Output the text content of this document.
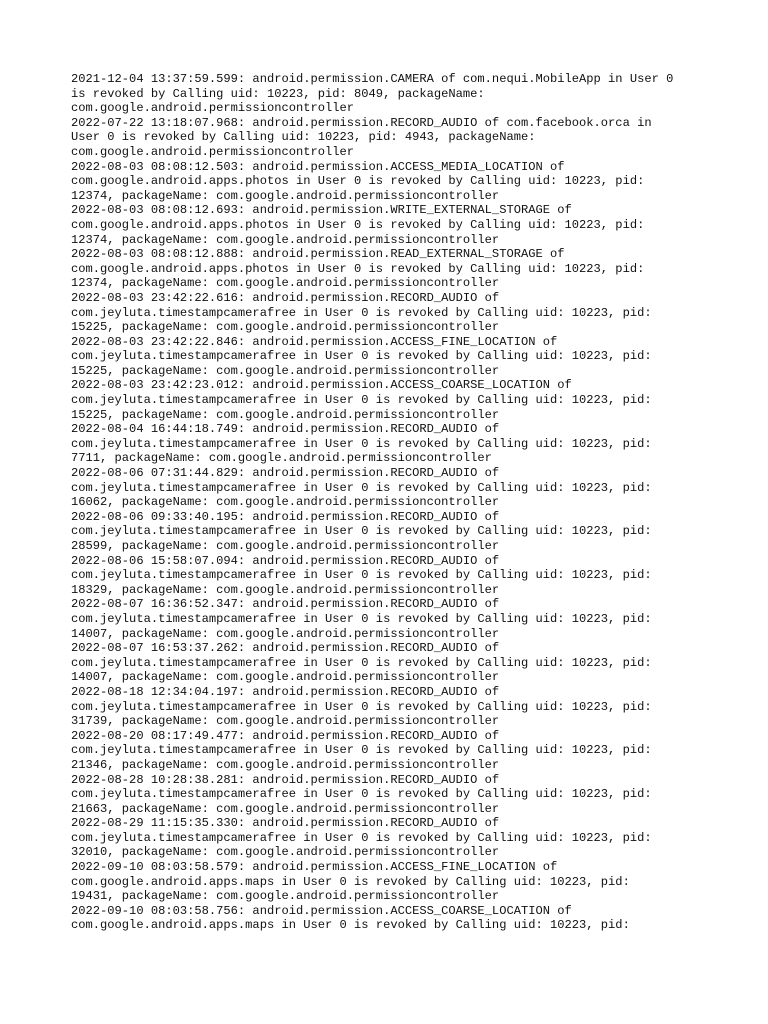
2021-12-04 13:37:59.599: android.permission.CAMERA of com.nequi.MobileApp in User 0
is revoked by Calling uid: 10223, pid: 8049, packageName:
com.google.android.permissioncontroller
2022-07-22 13:18:07.968: android.permission.RECORD_AUDIO of com.facebook.orca in
User 0 is revoked by Calling uid: 10223, pid: 4943, packageName:
com.google.android.permissioncontroller
2022-08-03 08:08:12.503: android.permission.ACCESS_MEDIA_LOCATION of
com.google.android.apps.photos in User 0 is revoked by Calling uid: 10223, pid:
12374, packageName: com.google.android.permissioncontroller
2022-08-03 08:08:12.693: android.permission.WRITE_EXTERNAL_STORAGE of
com.google.android.apps.photos in User 0 is revoked by Calling uid: 10223, pid:
12374, packageName: com.google.android.permissioncontroller
2022-08-03 08:08:12.888: android.permission.READ_EXTERNAL_STORAGE of
com.google.android.apps.photos in User 0 is revoked by Calling uid: 10223, pid:
12374, packageName: com.google.android.permissioncontroller
2022-08-03 23:42:22.616: android.permission.RECORD_AUDIO of
com.jeyluta.timestampcamerafree in User 0 is revoked by Calling uid: 10223, pid:
15225, packageName: com.google.android.permissioncontroller
2022-08-03 23:42:22.846: android.permission.ACCESS_FINE_LOCATION of
com.jeyluta.timestampcamerafree in User 0 is revoked by Calling uid: 10223, pid:
15225, packageName: com.google.android.permissioncontroller
2022-08-03 23:42:23.012: android.permission.ACCESS_COARSE_LOCATION of
com.jeyluta.timestampcamerafree in User 0 is revoked by Calling uid: 10223, pid:
15225, packageName: com.google.android.permissioncontroller
2022-08-04 16:44:18.749: android.permission.RECORD_AUDIO of
com.jeyluta.timestampcamerafree in User 0 is revoked by Calling uid: 10223, pid:
7711, packageName: com.google.android.permissioncontroller
2022-08-06 07:31:44.829: android.permission.RECORD_AUDIO of
com.jeyluta.timestampcamerafree in User 0 is revoked by Calling uid: 10223, pid:
16062, packageName: com.google.android.permissioncontroller
2022-08-06 09:33:40.195: android.permission.RECORD_AUDIO of
com.jeyluta.timestampcamerafree in User 0 is revoked by Calling uid: 10223, pid:
28599, packageName: com.google.android.permissioncontroller
2022-08-06 15:58:07.094: android.permission.RECORD_AUDIO of
com.jeyluta.timestampcamerafree in User 0 is revoked by Calling uid: 10223, pid:
18329, packageName: com.google.android.permissioncontroller
2022-08-07 16:36:52.347: android.permission.RECORD_AUDIO of
com.jeyluta.timestampcamerafree in User 0 is revoked by Calling uid: 10223, pid:
14007, packageName: com.google.android.permissioncontroller
2022-08-07 16:53:37.262: android.permission.RECORD_AUDIO of
com.jeyluta.timestampcamerafree in User 0 is revoked by Calling uid: 10223, pid:
14007, packageName: com.google.android.permissioncontroller
2022-08-18 12:34:04.197: android.permission.RECORD_AUDIO of
com.jeyluta.timestampcamerafree in User 0 is revoked by Calling uid: 10223, pid:
31739, packageName: com.google.android.permissioncontroller
2022-08-20 08:17:49.477: android.permission.RECORD_AUDIO of
com.jeyluta.timestampcamerafree in User 0 is revoked by Calling uid: 10223, pid:
21346, packageName: com.google.android.permissioncontroller
2022-08-28 10:28:38.281: android.permission.RECORD_AUDIO of
com.jeyluta.timestampcamerafree in User 0 is revoked by Calling uid: 10223, pid:
21663, packageName: com.google.android.permissioncontroller
2022-08-29 11:15:35.330: android.permission.RECORD_AUDIO of
com.jeyluta.timestampcamerafree in User 0 is revoked by Calling uid: 10223, pid:
32010, packageName: com.google.android.permissioncontroller
2022-09-10 08:03:58.579: android.permission.ACCESS_FINE_LOCATION of
com.google.android.apps.maps in User 0 is revoked by Calling uid: 10223, pid:
19431, packageName: com.google.android.permissioncontroller
2022-09-10 08:03:58.756: android.permission.ACCESS_COARSE_LOCATION of
com.google.android.apps.maps in User 0 is revoked by Calling uid: 10223, pid:
